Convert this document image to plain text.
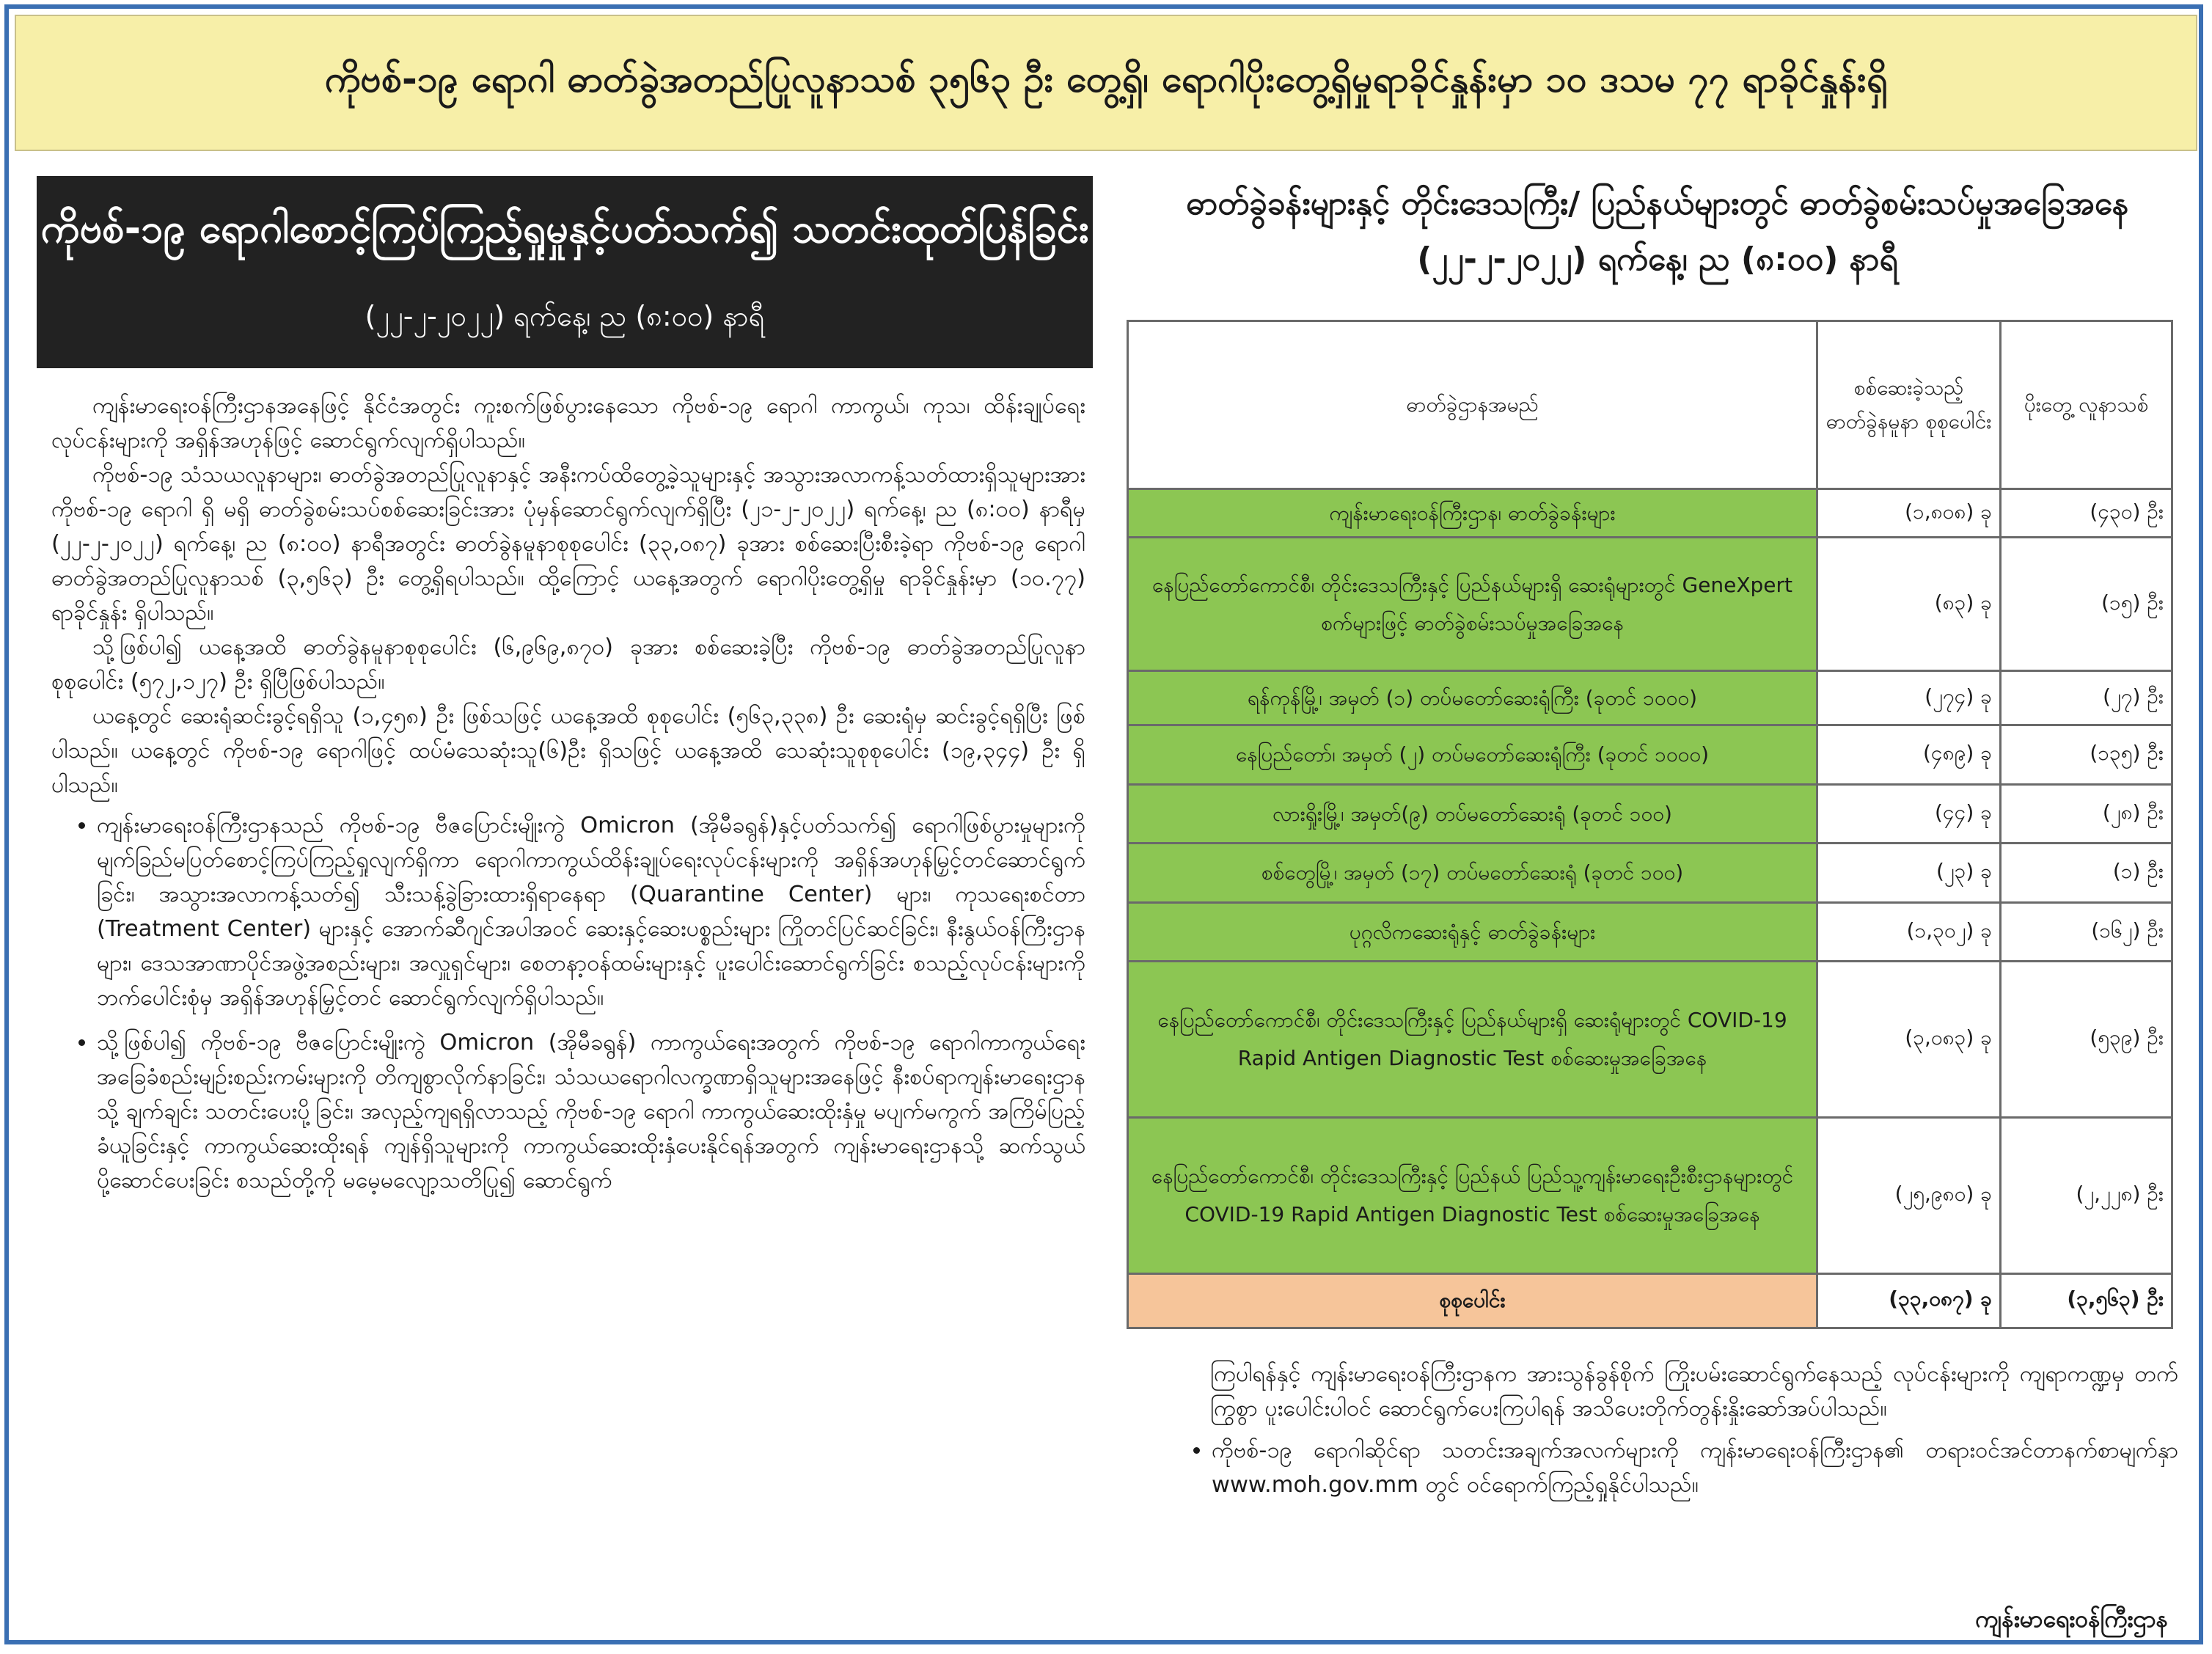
ကိုဗစ်-၁၉ ရောဂါ ဓာတ်ခွဲအတည်ပြုလူနာသစ် ၃၅၆၃ ဦး တွေ့ရှိ၊ ရောဂါပိုးတွေ့ရှိမှုရာခိုင်နှုန်းမှာ ၁၀ ဒသမ ၇၇ ရာခိုင်နှုန်းရှိ
ကိုဗစ်-၁၉ ရောဂါစောင့်ကြပ်ကြည့်ရှုမှုနှင့်ပတ်သက်၍ သတင်းထုတ်ပြန်ခြင်း
(၂၂-၂-၂၀၂၂) ရက်နေ့၊ ည (၈:၀၀) နာရီ

ကျန်းမာရေးဝန်ကြီးဌာနအနေဖြင့် နိုင်ငံအတွင်း ကူးစက်ဖြစ်ပွားနေသော ကိုဗစ်-၁၉ ရောဂါ ကာကွယ်၊ ကုသ၊ ထိန်းချုပ်ရေးလုပ်ငန်းများကို အရှိန်အဟုန်ဖြင့် ဆောင်ရွက်လျက်ရှိပါသည်။

ကိုဗစ်-၁၉ သံသယလူနာများ၊ ဓာတ်ခွဲအတည်ပြုလူနာနှင့် အနီးကပ်ထိတွေ့ခဲ့သူများနှင့် အသွားအလာကန့်သတ်ထားရှိသူများအား ကိုဗစ်-၁၉ ရောဂါ ရှိ မရှိ ဓာတ်ခွဲစမ်းသပ်စစ်ဆေးခြင်းအား ပုံမှန်ဆောင်ရွက်လျက်ရှိပြီး (၂၁-၂-၂၀၂၂) ရက်နေ့၊ ည (၈:၀၀) နာရီမှ (၂၂-၂-၂၀၂၂) ရက်နေ့၊ ည (၈:၀၀) နာရီအတွင်း ဓာတ်ခွဲနမူနာစုစုပေါင်း (၃၃,၀၈၇) ခုအား စစ်ဆေးပြီးစီးခဲ့ရာ ကိုဗစ်-၁၉ ရောဂါ ဓာတ်ခွဲအတည်ပြုလူနာသစ် (၃,၅၆၃) ဦး တွေ့ရှိရပါသည်။ ထို့ကြောင့် ယနေ့အတွက် ရောဂါပိုးတွေ့ရှိမှု ရာခိုင်နှုန်းမှာ (၁၀.၇၇) ရာခိုင်နှုန်း ရှိပါသည်။

သို့ဖြစ်ပါ၍ ယနေ့အထိ ဓာတ်ခွဲနမူနာစုစုပေါင်း (၆,၉၆၉,၈၇၀) ခုအား စစ်ဆေးခဲ့ပြီး ကိုဗစ်-၁၉ ဓာတ်ခွဲအတည်ပြုလူနာစုစုပေါင်း (၅၇၂,၁၂၇) ဦး ရှိပြီဖြစ်ပါသည်။

ယနေ့တွင် ဆေးရုံဆင်းခွင့်ရရှိသူ (၁,၄၅၈) ဦး ဖြစ်သဖြင့် ယနေ့အထိ စုစုပေါင်း (၅၆၃,၃၃၈) ဦး ဆေးရုံမှ ဆင်းခွင့်ရရှိပြီး ဖြစ်ပါသည်။ ယနေ့တွင် ကိုဗစ်-၁၉ ရောဂါဖြင့် ထပ်မံသေဆုံးသူ(၆)ဦး ရှိသဖြင့် ယနေ့အထိ သေဆုံးသူစုစုပေါင်း (၁၉,၃၄၄) ဦး ရှိပါသည်။

• ကျန်းမာရေးဝန်ကြီးဌာနသည် ကိုဗစ်-၁၉ ဗီဇပြောင်းမျိုးကွဲ Omicron (အိုမီခရွန်)နှင့်ပတ်သက်၍ ရောဂါဖြစ်ပွားမှုများကို မျက်ခြည်မပြတ်စောင့်ကြပ်ကြည့်ရှုလျက်ရှိကာ ရောဂါကာကွယ်ထိန်းချုပ်ရေးလုပ်ငန်းများကို အရှိန်အဟုန်မြှင့်တင်ဆောင်ရွက်ခြင်း၊ အသွားအလာကန့်သတ်၍ သီးသန့်ခွဲခြားထားရှိရာနေရာ (Quarantine Center) များ၊ ကုသရေးစင်တာ (Treatment Center) များနှင့် အောက်ဆီဂျင်အပါအဝင် ဆေးနှင့်ဆေးပစ္စည်းများ ကြိုတင်ပြင်ဆင်ခြင်း၊ နီးနွယ်ဝန်ကြီးဌာနများ၊ ဒေသအာဏာပိုင်အဖွဲ့အစည်းများ၊ အလှူရှင်များ၊ စေတနာ့ဝန်ထမ်းများနှင့် ပူးပေါင်းဆောင်ရွက်ခြင်း စသည့်လုပ်ငန်းများကို ဘက်ပေါင်းစုံမှ အရှိန်အဟုန်မြှင့်တင် ဆောင်ရွက်လျက်ရှိပါသည်။
• သို့ဖြစ်ပါ၍ ကိုဗစ်-၁၉ ဗီဇပြောင်းမျိုးကွဲ Omicron (အိုမီခရွန်) ကာကွယ်ရေးအတွက် ကိုဗစ်-၁၉ ရောဂါကာကွယ်ရေး အခြေခံစည်းမျဉ်းစည်းကမ်းများကို တိကျစွာလိုက်နာခြင်း၊ သံသယရောဂါလက္ခဏာရှိသူများအနေဖြင့် နီးစပ်ရာကျန်းမာရေးဌာနသို့ ချက်ချင်း သတင်းပေးပို့ခြင်း၊ အလှည့်ကျရရှိလာသည့် ကိုဗစ်-၁၉ ရောဂါ ကာကွယ်ဆေးထိုးနှံမှု မပျက်မကွက် အကြိမ်ပြည့် ခံယူခြင်းနှင့် ကာကွယ်ဆေးထိုးရန် ကျန်ရှိသူများကို ကာကွယ်ဆေးထိုးနှံပေးနိုင်ရန်အတွက် ကျန်းမာရေးဌာနသို့ ဆက်သွယ်ပို့ဆောင်ပေးခြင်း စသည်တို့ကို မမေ့မလျော့သတိပြု၍ ဆောင်ရွက်
ဓာတ်ခွဲခန်းများနှင့် တိုင်းဒေသကြီး/ ပြည်နယ်များတွင် ဓာတ်ခွဲစမ်းသပ်မှုအခြေအနေ
(၂၂-၂-၂၀၂၂) ရက်နေ့၊ ည (၈:၀၀) နာရီ
ဓာတ်ခွဲဌာနအမည်	စစ်ဆေးခဲ့သည့် ဓာတ်ခွဲနမူနာ စုစုပေါင်း	ပိုးတွေ့ လူနာသစ်
ကျန်းမာရေးဝန်ကြီးဌာန၊ ဓာတ်ခွဲခန်းများ	(၁,၈၀၈) ခု	(၄၃၀) ဦး
နေပြည်တော်ကောင်စီ၊ တိုင်းဒေသကြီးနှင့် ပြည်နယ်များရှိ ဆေးရုံများတွင် GeneXpert စက်များဖြင့် ဓာတ်ခွဲစမ်းသပ်မှုအခြေအနေ	(၈၃) ခု	(၁၅) ဦး
ရန်ကုန်မြို့၊ အမှတ် (၁) တပ်မတော်ဆေးရုံကြီး (ခုတင် ၁၀၀၀)	(၂၇၄) ခု	(၂၇) ဦး
နေပြည်တော်၊ အမှတ် (၂) တပ်မတော်ဆေးရုံကြီး (ခုတင် ၁၀၀၀)	(၄၈၉) ခု	(၁၃၅) ဦး
လားရှိုးမြို့၊ အမှတ်(၉) တပ်မတော်ဆေးရုံ (ခုတင် ၁၀၀)	(၄၄) ခု	(၂၈) ဦး
စစ်တွေမြို့၊ အမှတ် (၁၇) တပ်မတော်ဆေးရုံ (ခုတင် ၁၀၀)	(၂၃) ခု	(၁) ဦး
ပုဂ္ဂလိကဆေးရုံနှင့် ဓာတ်ခွဲခန်းများ	(၁,၃၀၂) ခု	(၁၆၂) ဦး
နေပြည်တော်ကောင်စီ၊ တိုင်းဒေသကြီးနှင့် ပြည်နယ်များရှိ ဆေးရုံများတွင် COVID-19 Rapid Antigen Diagnostic Test စစ်ဆေးမှုအခြေအနေ	(၃,၀၈၃) ခု	(၅၃၉) ဦး
နေပြည်တော်ကောင်စီ၊ တိုင်းဒေသကြီးနှင့် ပြည်နယ် ပြည်သူ့ကျန်းမာရေးဦးစီးဌာနများတွင် COVID-19 Rapid Antigen Diagnostic Test စစ်ဆေးမှုအခြေအနေ	(၂၅,၉၈၀) ခု	(၂,၂၂၈) ဦး
စုစုပေါင်း	(၃၃,၀၈၇) ခု	(၃,၅၆၃) ဦး

ကြပါရန်နှင့် ကျန်းမာရေးဝန်ကြီးဌာနက အားသွန်ခွန်စိုက် ကြိုးပမ်းဆောင်ရွက်နေသည့် လုပ်ငန်းများကို ကျရာကဏ္ဍမှ တက်ကြွစွာ ပူးပေါင်းပါဝင် ဆောင်ရွက်ပေးကြပါရန် အသိပေးတိုက်တွန်းနှိုးဆော်အပ်ပါသည်။

• ကိုဗစ်-၁၉ ရောဂါဆိုင်ရာ သတင်းအချက်အလက်များကို ကျန်းမာရေးဝန်ကြီးဌာန၏ တရားဝင်အင်တာနက်စာမျက်နှာ www.moh.gov.mm တွင် ဝင်ရောက်ကြည့်ရှုနိုင်ပါသည်။
ကျန်းမာရေးဝန်ကြီးဌာန
